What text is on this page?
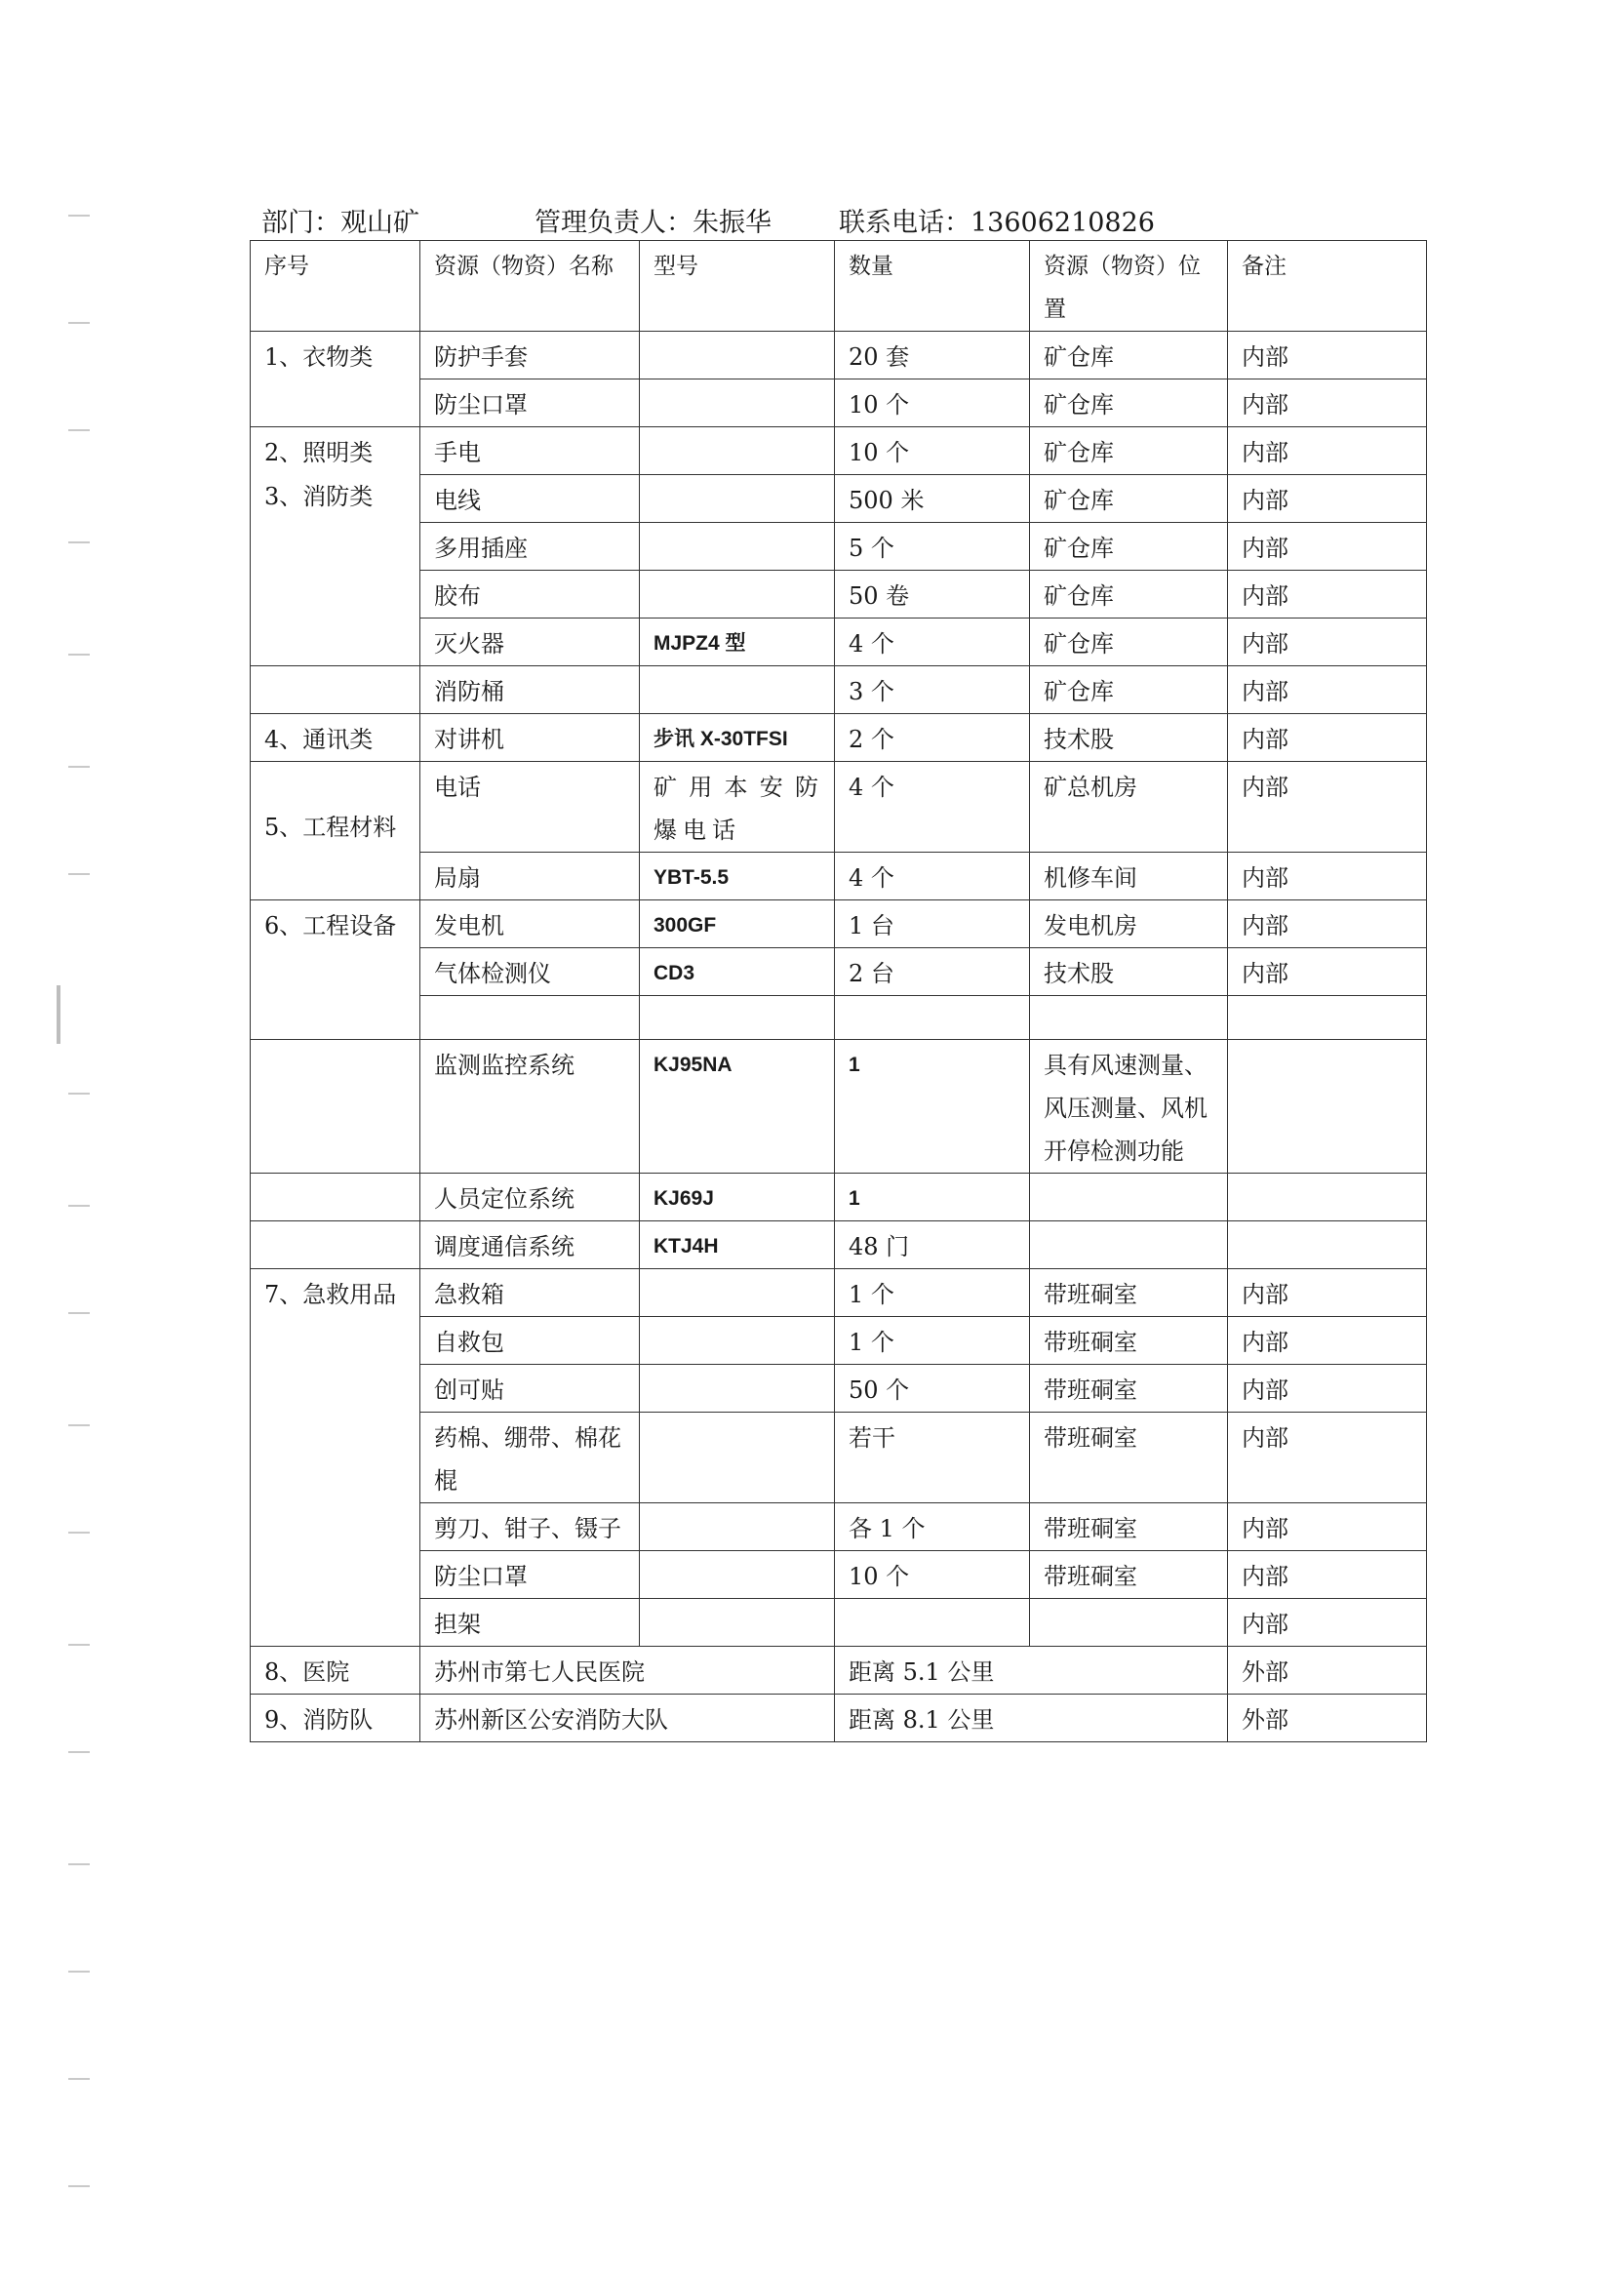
部门：观山矿	管理负责人：朱振华	联系电话：13606210826
序号	资源（物资）名称	型号	数量	资源（物资）位置	备注
1、衣物类	防护手套		20 套	矿仓库	内部
	防尘口罩		10 个	矿仓库	内部

2、照明类
3、消防类	手电		10 个	矿仓库	内部
	电线		500 米	矿仓库	内部
	多用插座		5 个	矿仓库	内部
	胶布		50 卷	矿仓库	内部
	灭火器	MJPZ4 型	4 个	矿仓库	内部
	消防桶		3 个	矿仓库	内部
4、通讯类	对讲机	步讯 X-30TFSI	2 个	技术股	内部
5、工程材料	电话	矿用本安防爆电话	4 个	矿总机房	内部
	局扇	YBT-5.5	4 个	机修车间	内部
6、工程设备	发电机	300GF	1 台	发电机房	内部
	气体检测仪	CD3	2 台	技术股	内部

	监测监控系统	KJ95NA	1	具有风速测量、风压测量、风机开停检测功能	
	人员定位系统	KJ69J	1		
	调度通信系统	KTJ4H	48 门		
7、急救用品	急救箱		1 个	带班硐室	内部
	自救包		1 个	带班硐室	内部
	创可贴		50 个	带班硐室	内部
	药棉、绷带、棉花棍		若干	带班硐室	内部
	剪刀、钳子、镊子		各 1 个	带班硐室	内部
	防尘口罩		10 个	带班硐室	内部
	担架				内部
8、医院	苏州市第七人民医院		距离 5.1 公里		外部
9、消防队	苏州新区公安消防大队		距离 8.1 公里		外部
